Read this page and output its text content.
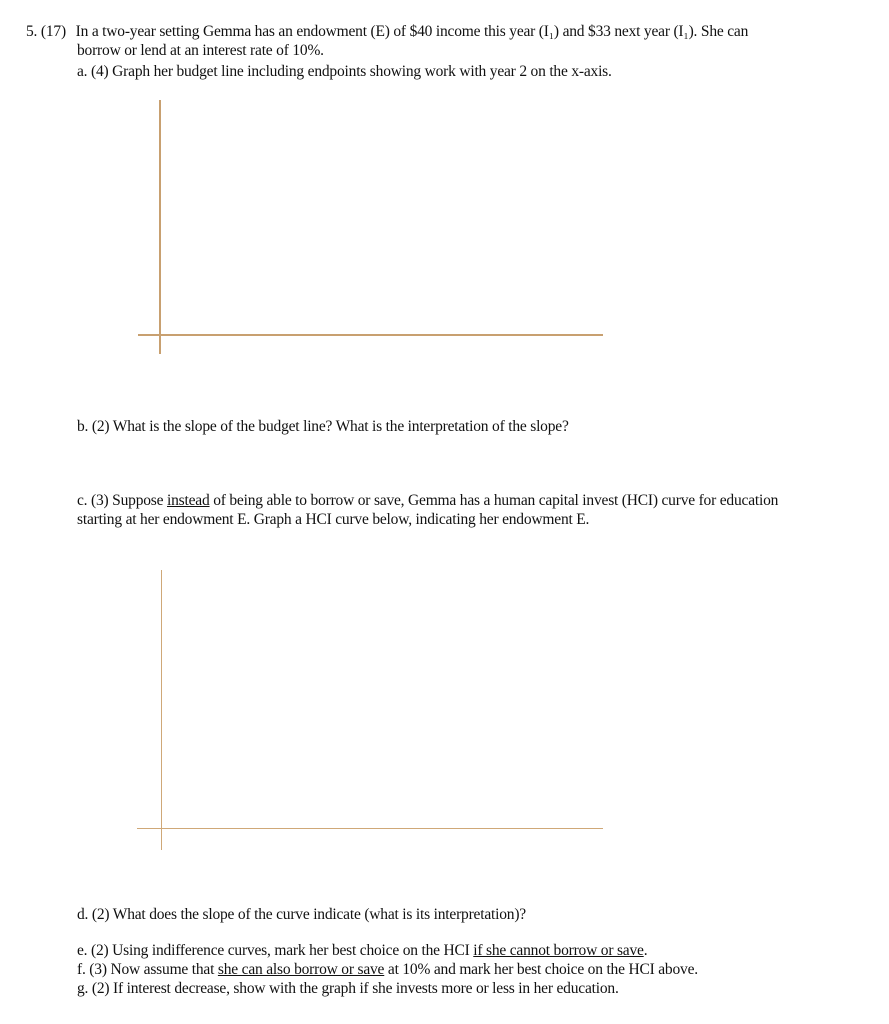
5. (17) In a two-year setting Gemma has an endowment (E) of $40 income this year (I₁) and $33 next year (I₁). She can
borrow or lend at an interest rate of 10%.
a. (4) Graph her budget line including endpoints showing work with year 2 on the x-axis.
b. (2) What is the slope of the budget line? What is the interpretation of the slope?
c. (3) Suppose instead of being able to borrow or save, Gemma has a human capital invest (HCI) curve for education
starting at her endowment E. Graph a HCI curve below, indicating her endowment E.
d. (2) What does the slope of the curve indicate (what is its interpretation)?
e. (2) Using indifference curves, mark her best choice on the HCI if she cannot borrow or save.
f. (3) Now assume that she can also borrow or save at 10% and mark her best choice on the HCI above.
g. (2) If interest decrease, show with the graph if she invests more or less in her education.
